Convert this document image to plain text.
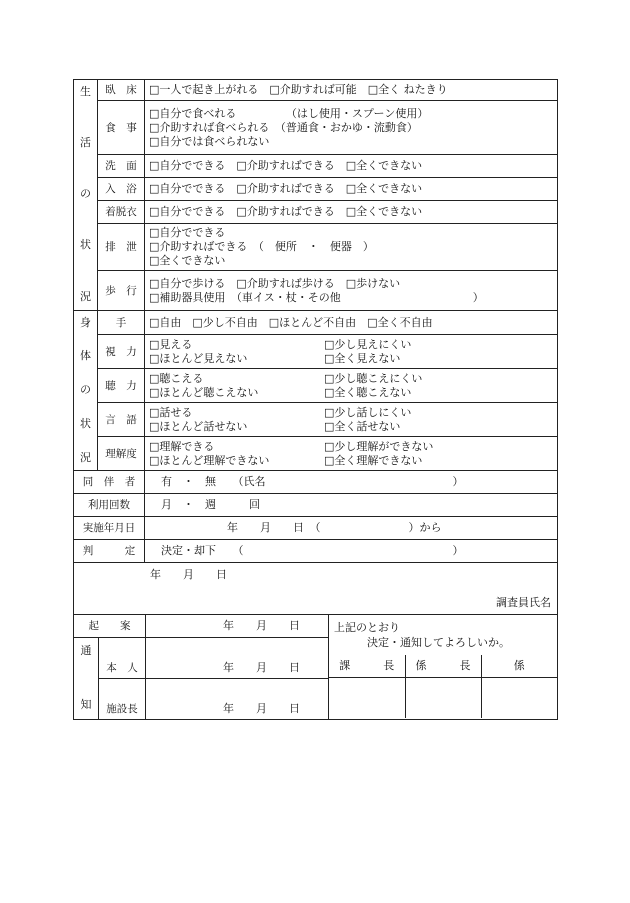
生
活
の
状
況
	臥　床	□一人で起き上がれる　□介助すれば可能　□全く ねたきり

食　事	
□自分で食べれる　　　　　（はし使用・スプーン使用）
□介助すれば食べられる　（普通食・おかゆ・流動食）
□自分では食べられない

洗　面	□自分でできる　□介助すればできる　□全くできない

入　浴	□自分でできる　□介助すればできる　□全くできない

着脱衣	□自分でできる　□介助すればできる　□全くできない

排　泄	
□自分でできる
□介助すればできる　（　便所　・　便器　）
□全くできない

歩　行	
□自分で歩ける　□介助すれば歩ける　□歩けない
□補助器具使用　（車イス・杖・その他　　　　　　　　　　　　）

身
体
の
状
況
	手	□自由　□少し不自由　□ほとんど不自由　□全く不自由

視　力	
□見える	□少し見えにくい
□ほとんど見えない	□全く見えない

聴　力	
□聴こえる	□少し聴こえにくい
□ほとんど聴こえない	□全く聴こえない

言　語	
□話せる	□少し話しにくい
□ほとんど話せない	□全く話せない

理解度	
□理解できる	□少し理解ができない
□ほとんど理解できない	□全く理解できない

同　伴　者	有　・　無　　（氏名　　　　　　　　　　　　　　　　　）
利用回数	月　・　週　　　回
実施年月日	　　　　　　年　　月　　日　（　　　　　　　　）から
判　　　定	決定・却下　　（　　　　　　　　　　　　　　　　　　　）

年　　月　　日
調査員氏名

起　　案	年　　月　　日
通
知
本　人	年　　月　　日
施設長	年　　月　　日
上記のとおり
決定・通知してよろしいか。
課　　　長	係　　　長	係
